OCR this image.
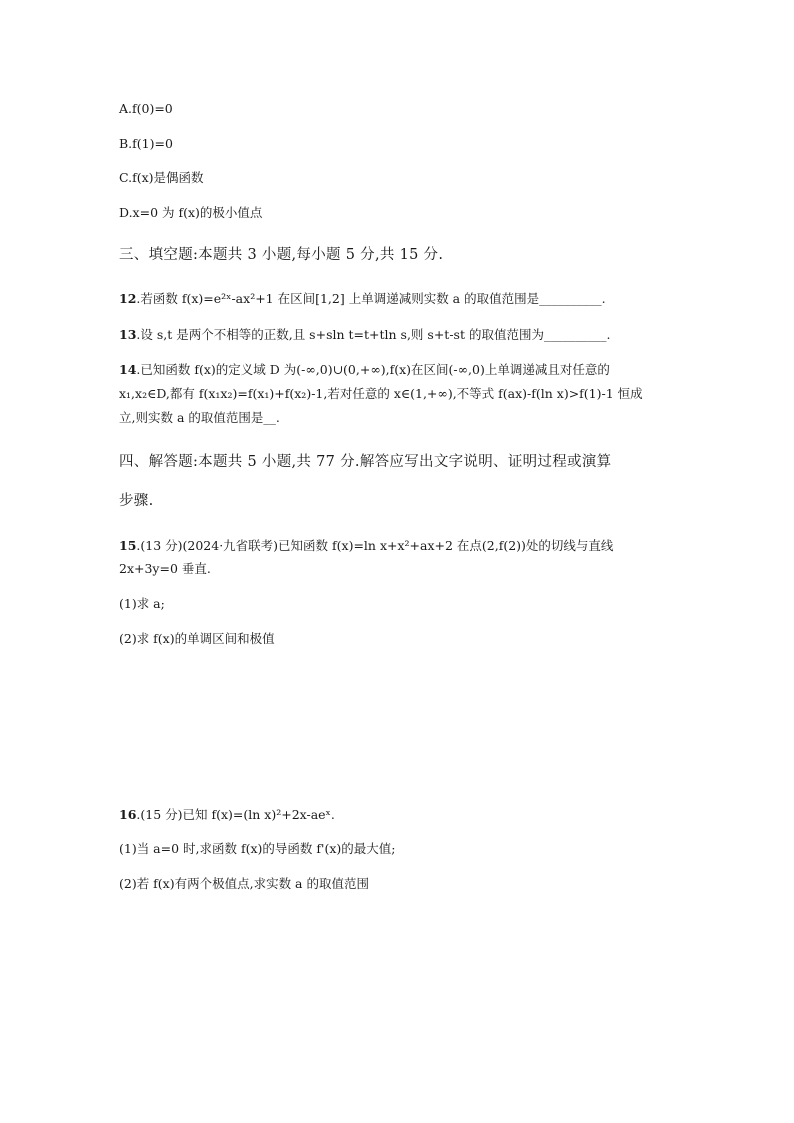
A.f(0)=0
B.f(1)=0
C.f(x)是偶函数
D.x=0 为 f(x)的极小值点
三、填空题:本题共 3 小题,每小题 5 分,共 15 分.
12.若函数 f(x)=e²ˣ-ax²+1 在区间[1,2] 上单调递减则实数 a 的取值范围是__________.
13.设 s,t 是两个不相等的正数,且 s+sln t=t+tln s,则 s+t-st 的取值范围为__________.
14.已知函数 f(x)的定义域 D 为(-∞,0)∪(0,+∞),f(x)在区间(-∞,0)上单调递减且对任意的
x₁,x₂∈D,都有 f(x₁x₂)=f(x₁)+f(x₂)-1,若对任意的 x∈(1,+∞),不等式 f(ax)-f(ln x)>f(1)-1 恒成
立,则实数 a 的取值范围是__.
四、解答题:本题共 5 小题,共 77 分.解答应写出文字说明、证明过程或演算
步骤.
15.(13 分)(2024·九省联考)已知函数 f(x)=ln x+x²+ax+2 在点(2,f(2))处的切线与直线
2x+3y=0 垂直.
(1)求 a;
(2)求 f(x)的单调区间和极值
16.(15 分)已知 f(x)=(ln x)²+2x-aeˣ.
(1)当 a=0 时,求函数 f(x)的导函数 f'(x)的最大值;
(2)若 f(x)有两个极值点,求实数 a 的取值范围
